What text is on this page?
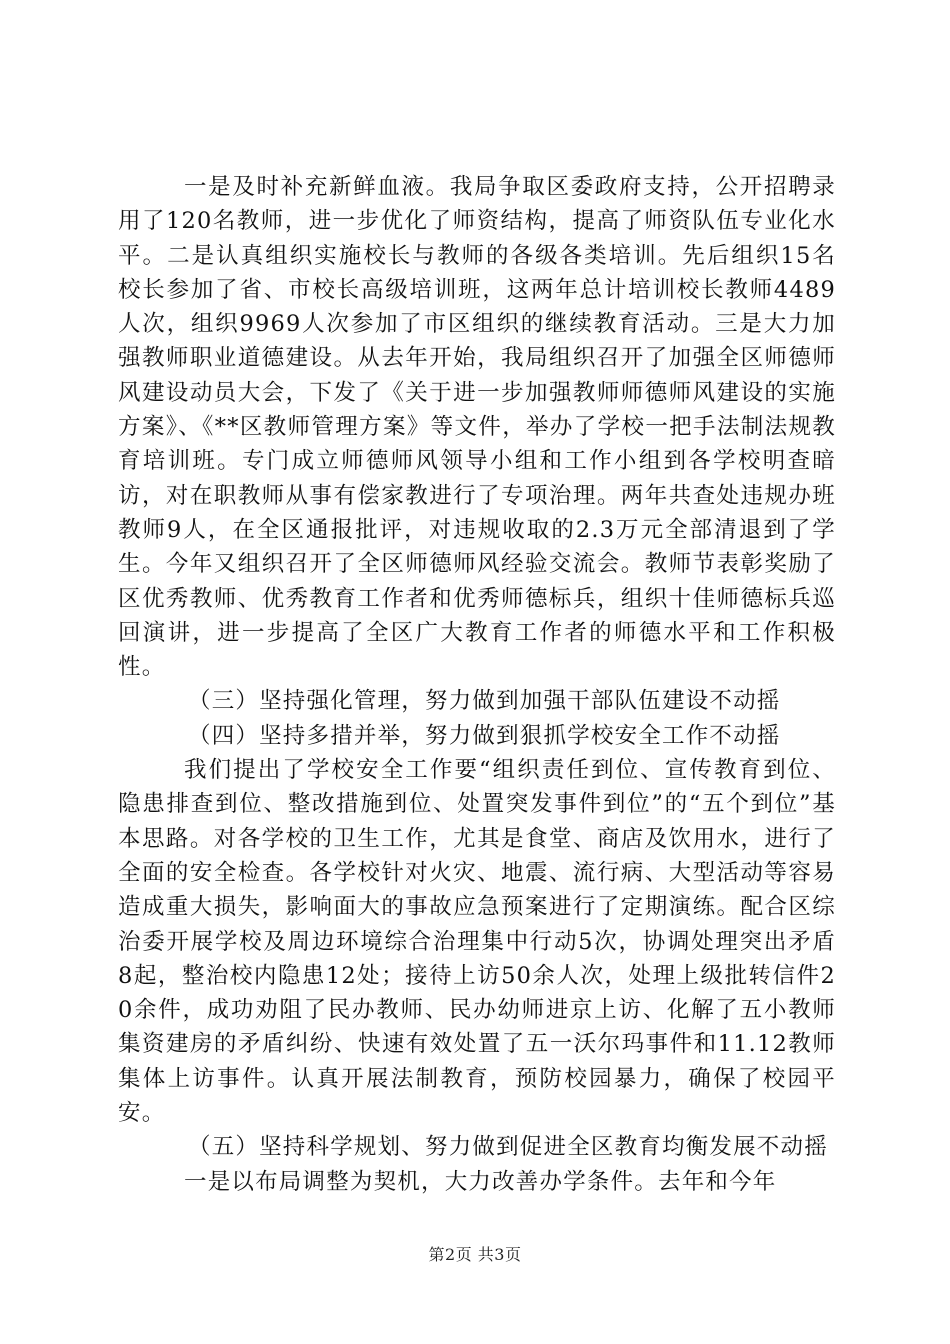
一是及时补充新鲜血液。我局争取区委政府支持，公开招聘录用了120名教师，进一步优化了师资结构，提高了师资队伍专业化水平。二是认真组织实施校长与教师的各级各类培训。先后组织15名校长参加了省、市校长高级培训班，这两年总计培训校长教师4489人次，组织9969人次参加了市区组织的继续教育活动。三是大力加强教师职业道德建设。从去年开始，我局组织召开了加强全区师德师风建设动员大会，下发了《关于进一步加强教师师德师风建设的实施方案》、《**区教师管理方案》等文件，举办了学校一把手法制法规教育培训班。专门成立师德师风领导小组和工作小组到各学校明查暗访，对在职教师从事有偿家教进行了专项治理。两年共查处违规办班教师9人，在全区通报批评，对违规收取的2.3万元全部清退到了学生。今年又组织召开了全区师德师风经验交流会。教师节表彰奖励了区优秀教师、优秀教育工作者和优秀师德标兵，组织十佳师德标兵巡回演讲，进一步提高了全区广大教育工作者的师德水平和工作积极性。

（三）坚持强化管理，努力做到加强干部队伍建设不动摇

（四）坚持多措并举，努力做到狠抓学校安全工作不动摇

我们提出了学校安全工作要“组织责任到位、宣传教育到位、隐患排查到位、整改措施到位、处置突发事件到位”的“五个到位”基本思路。对各学校的卫生工作，尤其是食堂、商店及饮用水，进行了全面的安全检查。各学校针对火灾、地震、流行病、大型活动等容易造成重大损失，影响面大的事故应急预案进行了定期演练。配合区综治委开展学校及周边环境综合治理集中行动5次，协调处理突出矛盾8起，整治校内隐患12处；接待上访50余人次，处理上级批转信件20余件，成功劝阻了民办教师、民办幼师进京上访、化解了五小教师集资建房的矛盾纠纷、快速有效处置了五一沃尔玛事件和11.12教师集体上访事件。认真开展法制教育，预防校园暴力，确保了校园平安。

（五）坚持科学规划、努力做到促进全区教育均衡发展不动摇

一是以布局调整为契机，大力改善办学条件。去年和今年

第2页 共3页
